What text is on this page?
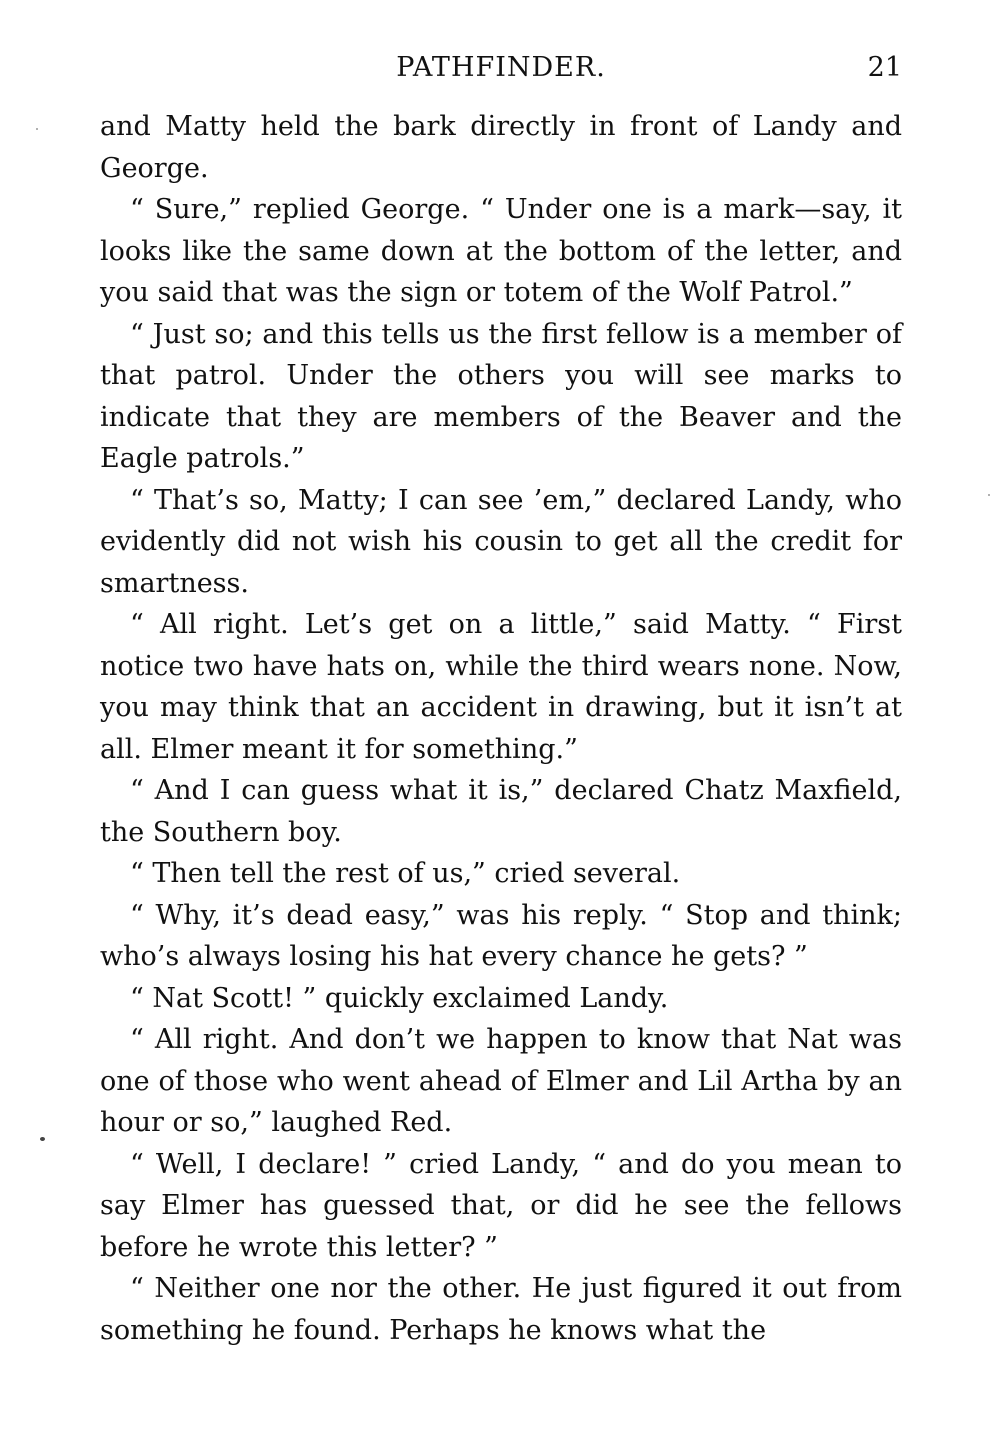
PATHFINDER.	21

and Matty held the bark directly in front of Landy and George.

“ Sure,” replied George. “ Under one is a mark—say, it looks like the same down at the bottom of the letter, and you said that was the sign or totem of the Wolf Patrol.”

“ Just so; and this tells us the first fellow is a member of that patrol. Under the others you will see marks to indicate that they are members of the Beaver and the Eagle patrols.”

“ That’s so, Matty; I can see ’em,” declared Landy, who evidently did not wish his cousin to get all the credit for smartness.

“ All right. Let’s get on a little,” said Matty. “ First notice two have hats on, while the third wears none. Now, you may think that an accident in drawing, but it isn’t at all. Elmer meant it for something.”

“ And I can guess what it is,” declared Chatz Maxfield, the Southern boy.

“ Then tell the rest of us,” cried several.

“ Why, it’s dead easy,” was his reply. “ Stop and think; who’s always losing his hat every chance he gets? ”

“ Nat Scott! ” quickly exclaimed Landy.

“ All right. And don’t we happen to know that Nat was one of those who went ahead of Elmer and Lil Artha by an hour or so,” laughed Red.

“ Well, I declare! ” cried Landy, “ and do you mean to say Elmer has guessed that, or did he see the fellows before he wrote this letter? ”

“ Neither one nor the other. He just figured it out from something he found. Perhaps he knows what the
